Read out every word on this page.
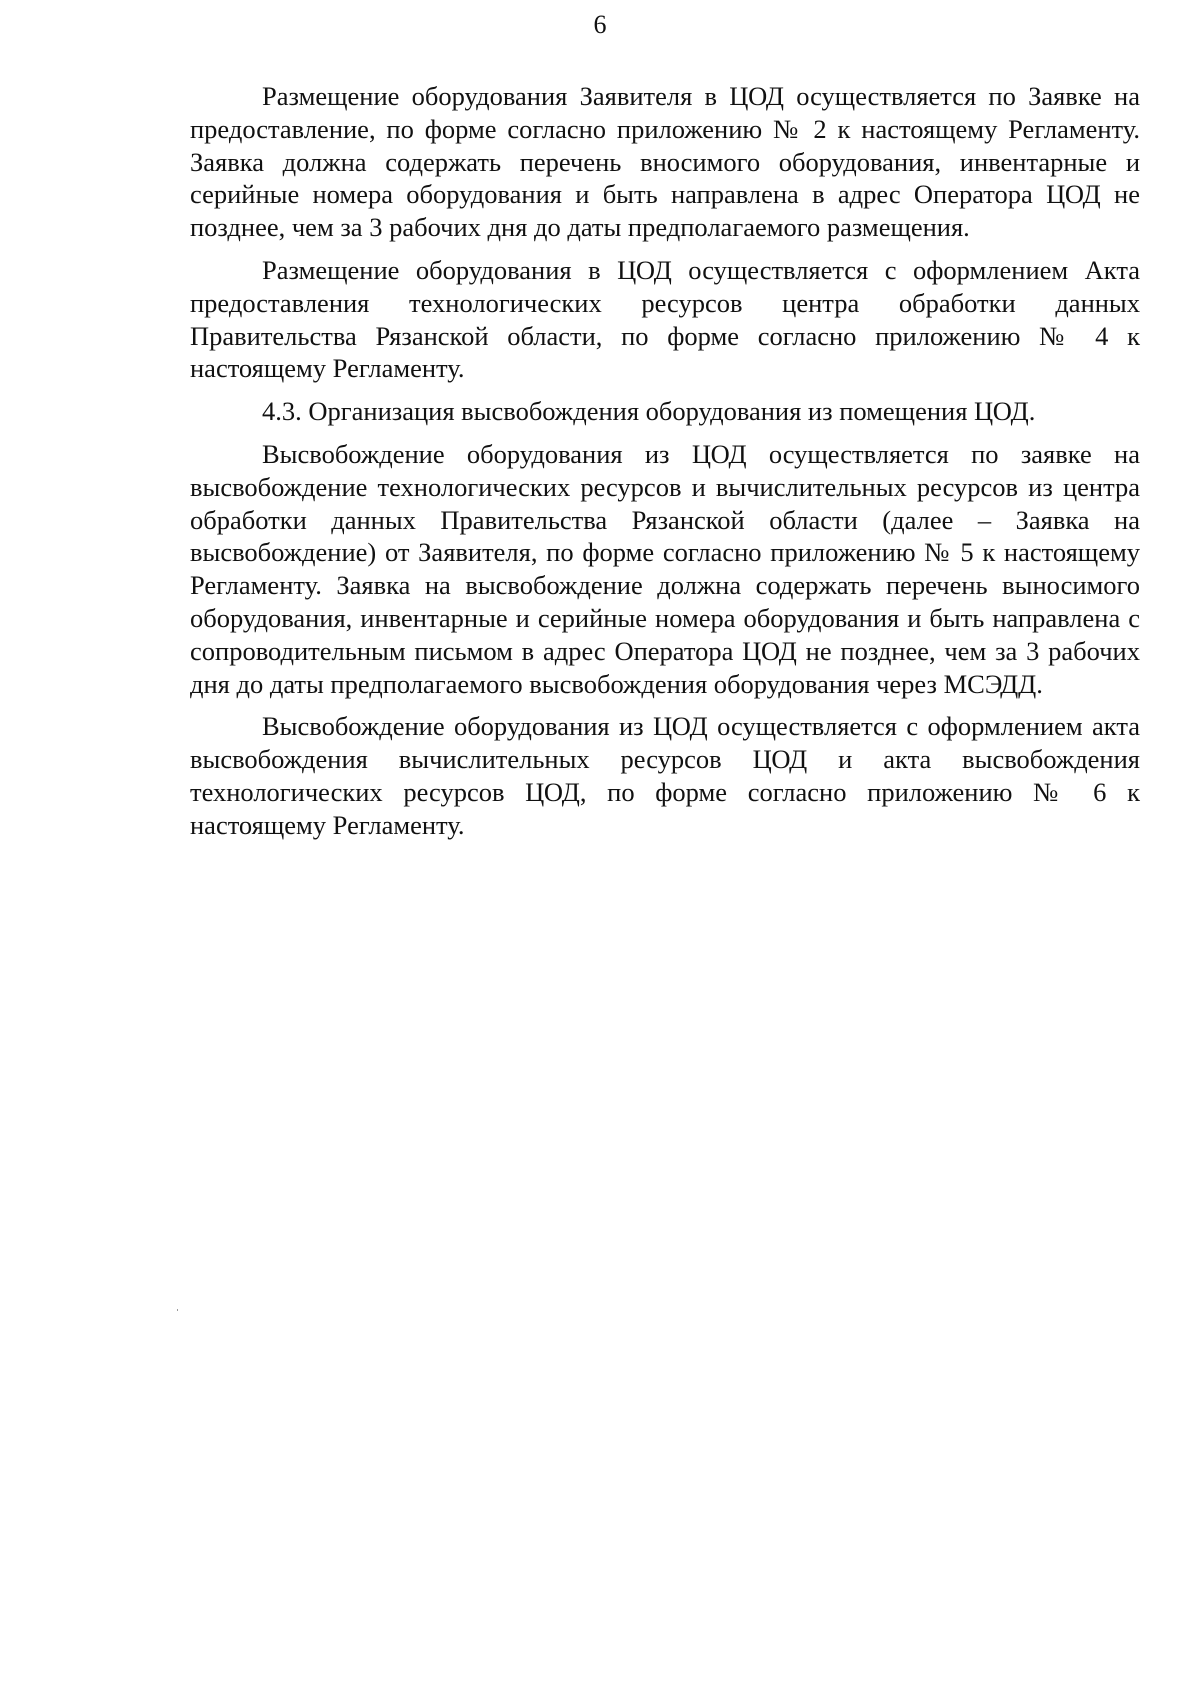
6

Размещение оборудования Заявителя в ЦОД осуществляется по Заявке на предоставление, по форме согласно приложению № 2 к настоящему Регламенту. Заявка должна содержать перечень вносимого оборудования, инвентарные и серийные номера оборудования и быть направлена в адрес Оператора ЦОД не позднее, чем за 3 рабочих дня до даты предполагаемого размещения.

Размещение оборудования в ЦОД осуществляется с оформлением Акта предоставления технологических ресурсов центра обработки данных Правительства Рязанской области, по форме согласно приложению № 4 к настоящему Регламенту.

4.3. Организация высвобождения оборудования из помещения ЦОД.

Высвобождение оборудования из ЦОД осуществляется по заявке на высвобождение технологических ресурсов и вычислительных ресурсов из центра обработки данных Правительства Рязанской области (далее – Заявка на высвобождение) от Заявителя, по форме согласно приложению № 5 к настоящему Регламенту. Заявка на высвобождение должна содержать перечень выносимого оборудования, инвентарные и серийные номера оборудования и быть направлена с сопроводительным письмом в адрес Оператора ЦОД не позднее, чем за 3 рабочих дня до даты предполагаемого высвобождения оборудования через МСЭДД.

Высвобождение оборудования из ЦОД осуществляется с оформлением акта высвобождения вычислительных ресурсов ЦОД и акта высвобождения технологических ресурсов ЦОД, по форме согласно приложению № 6 к настоящему Регламенту.
